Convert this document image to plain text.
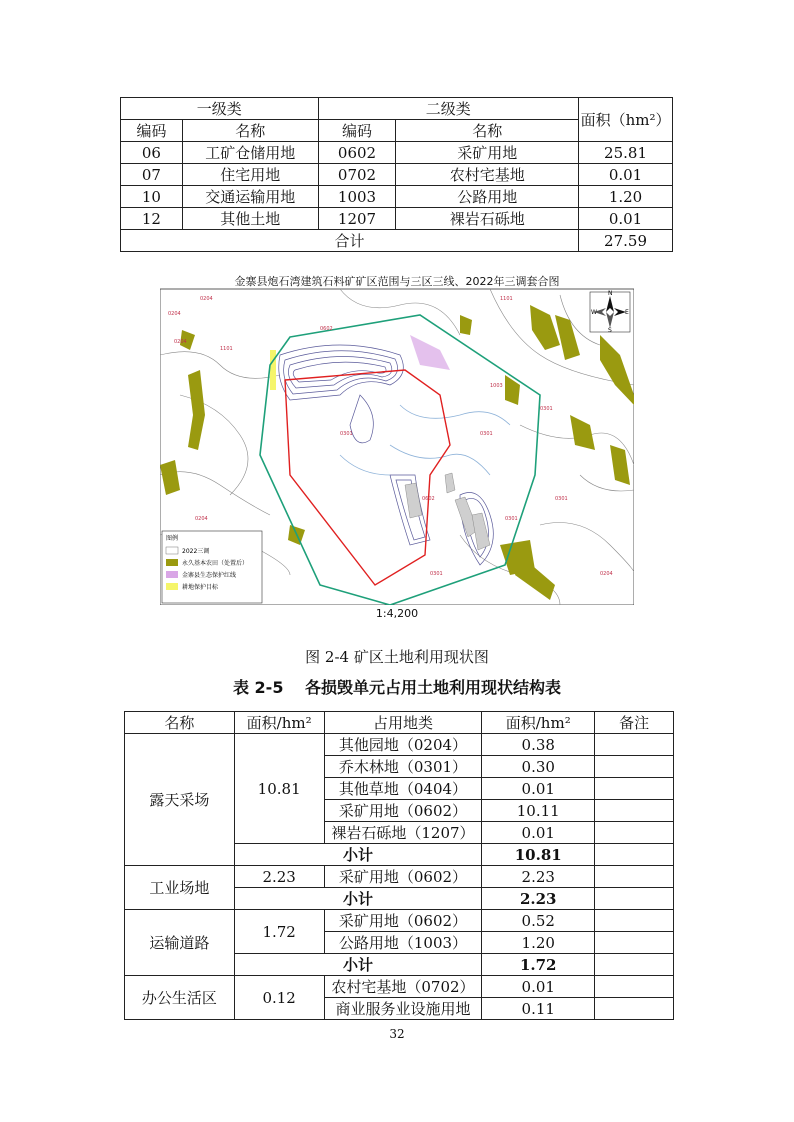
一级类		二级类		面积（hm²）
编码	名称	编码	名称	
06	工矿仓储用地	0602	采矿用地	25.81
07	住宅用地	0702	农村宅基地	0.01
10	交通运输用地	1003	公路用地	1.20
12	其他土地	1207	裸岩石砾地	0.01
合计				27.59
N
S
W	E
0204
0204
0204
0301	0301
0301
0301
0301
1101
1101
0602
0602
1003
0301
0204
0204
图例
2022三调
永久基本农田（处置后）
金寨县生态保护红线
耕地保护目标
金寨县炮石湾建筑石料矿矿区范围与三区三线、2022年三调套合图
1:4,200
图 2-4 矿区土地利用现状图
表 2-5　 各损毁单元占用土地利用现状结构表
名称	面积/hm²	占用地类	面积/hm²	备注
露天采场	10.81	其他园地（0204）	0.38	
		乔木林地（0301）	0.30	
		其他草地（0404）	0.01	
		采矿用地（0602）	10.11	
		裸岩石砾地（1207）	0.01	
	小计		10.81	
工业场地	2.23	采矿用地（0602）	2.23	
	小计		2.23	
运输道路	1.72	采矿用地（0602）	0.52	
		公路用地（1003）	1.20	
	小计		1.72	
办公生活区	0.12	农村宅基地（0702）	0.01	
		商业服务业设施用地	0.11	
32
